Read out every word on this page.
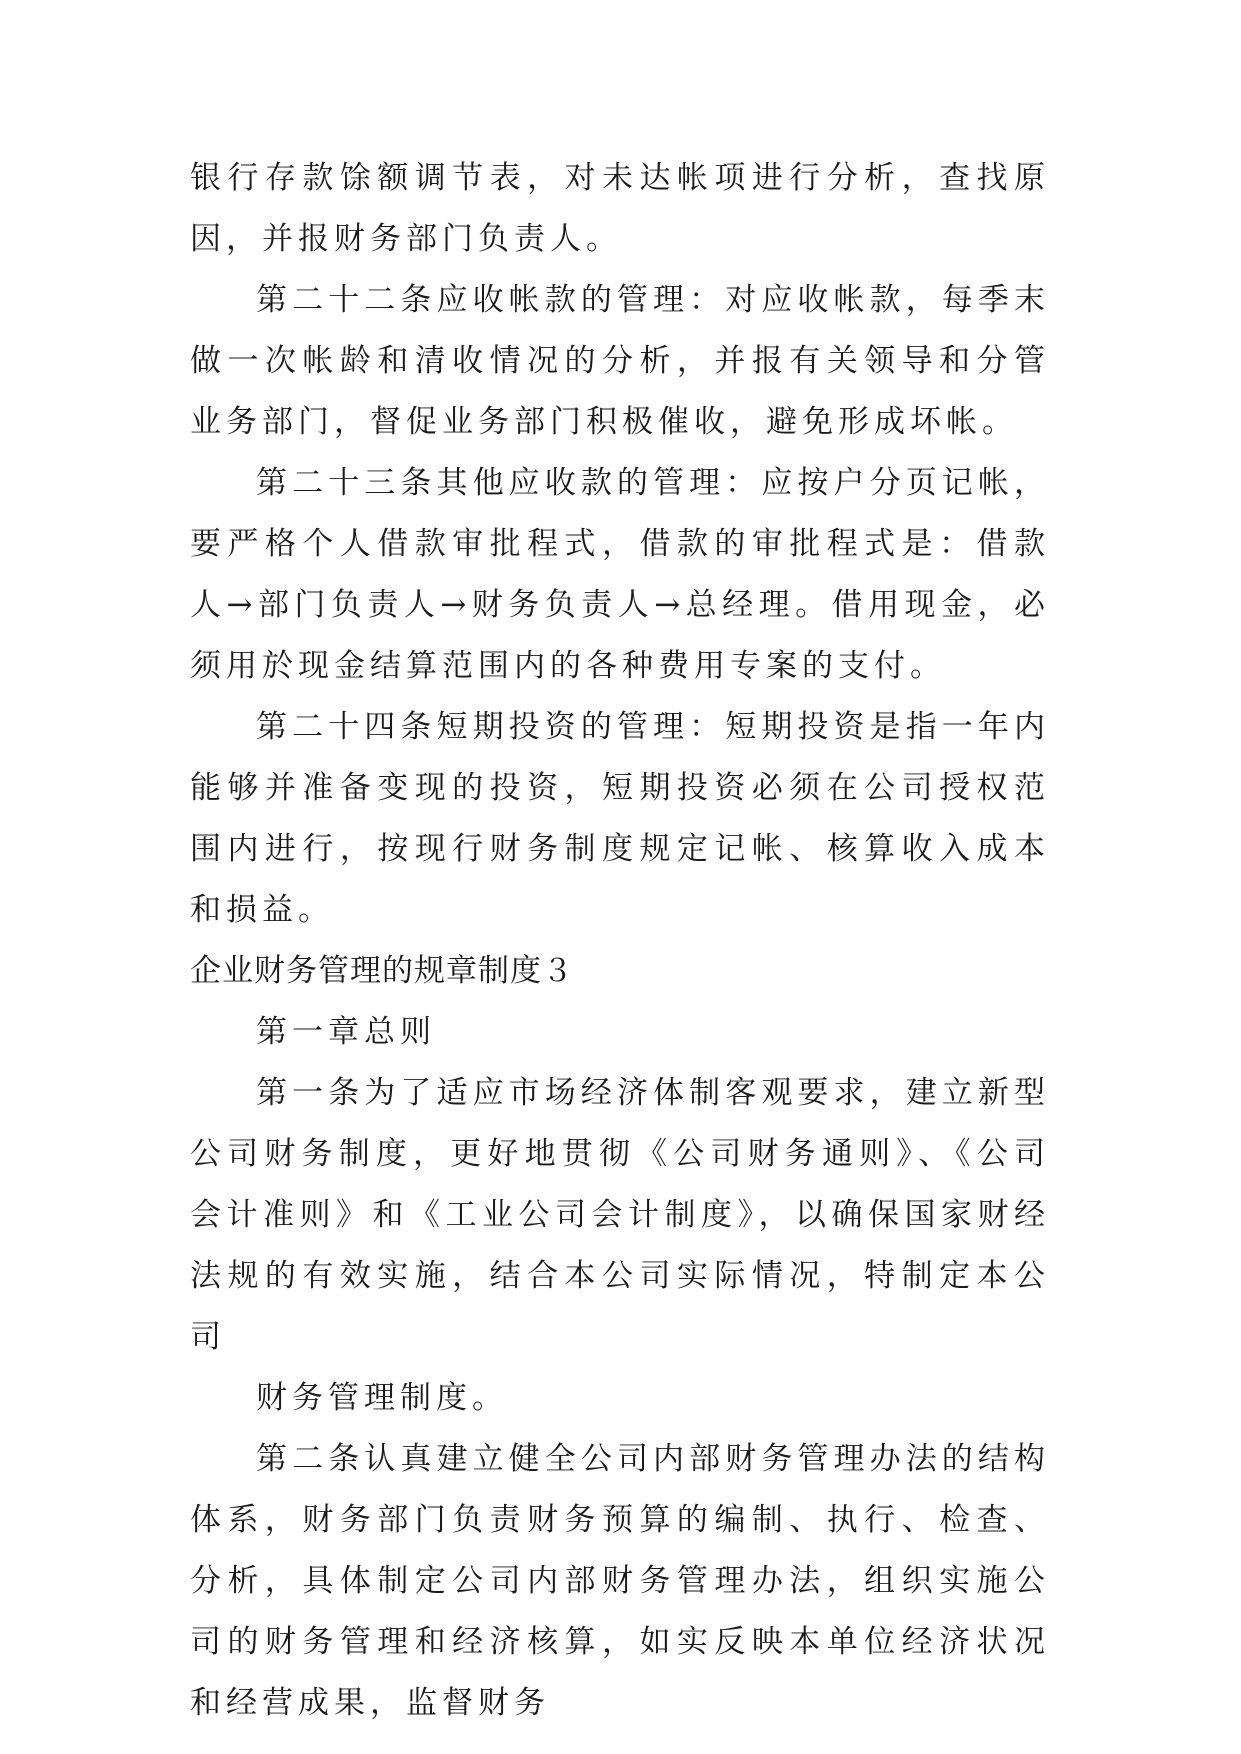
银行存款馀额调节表，对未达帐项进行分析，查找原因，并报财务部门负责人。

第二十二条应收帐款的管理：对应收帐款，每季末做一次帐龄和清收情况的分析，并报有关领导和分管业务部门，督促业务部门积极催收，避免形成坏帐。

第二十三条其他应收款的管理：应按户分页记帐，要严格个人借款审批程式，借款的审批程式是：借款人→部门负责人→财务负责人→总经理。借用现金，必须用於现金结算范围内的各种费用专案的支付。

第二十四条短期投资的管理：短期投资是指一年内能够并准备变现的投资，短期投资必须在公司授权范围内进行，按现行财务制度规定记帐、核算收入成本和损益。

企业财务管理的规章制度３

第一章总则

第一条为了适应市场经济体制客观要求，建立新型公司财务制度，更好地贯彻《公司财务通则》、《公司会计准则》和《工业公司会计制度》，以确保国家财经法规的有效实施，结合本公司实际情况，特制定本公司

财务管理制度。

第二条认真建立健全公司内部财务管理办法的结构体系，财务部门负责财务预算的编制、执行、检查、分析，具体制定公司内部财务管理办法，组织实施公司的财务管理和经济核算，如实反映本单位经济状况和经营成果，监督财务
